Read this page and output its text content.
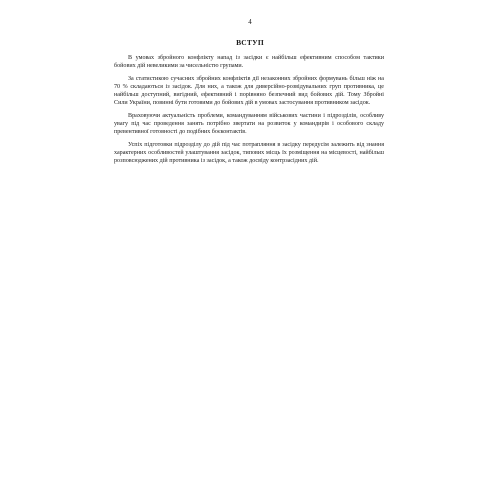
4
ВСТУП

В умовах збройного конфлікту напад із засідки є найбільш ефективним способом тактики бойових дій невеликими за чисельністю групами.

За статистикою сучасних збройних конфліктів дії незаконних збройних формувань більш ніж на 70 % складаються із засідок. Для них, а також для диверсійно-розвідувальних груп противника, це найбільш доступний, вигідний, ефективний і порівняно безпечний вид бойових дій. Тому Збройні Сили України, повинні бути готовими до бойових дій в умовах застосування противником засідок.

Враховуючи актуальність проблеми, командуванням військових частини і підрозділів, особливу увагу під час проведення занять потрібно звертати на розвиток у командирів і особового складу превентивної готовності до подібних боєконтактів.

Успіх підготовки підрозділу до дій під час потрапляння в засідку передусім залежить від знання характерних особливостей улаштування засідок, типових місць їх розміщення на місцевості, найбільш розповсюджених дій противника із засідок, а також досвіду контрзасідних дій.
